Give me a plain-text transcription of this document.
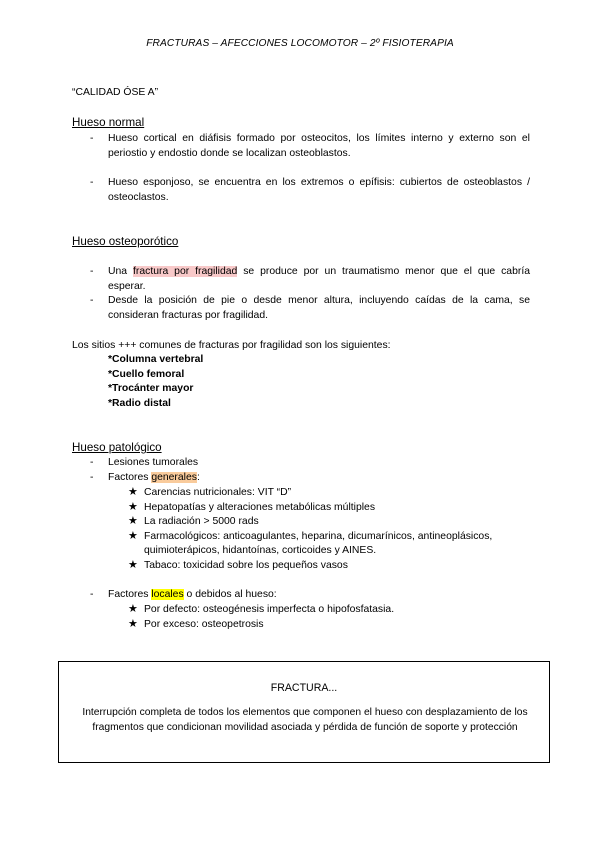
FRACTURAS – AFECCIONES LOCOMOTOR – 2º FISIOTERAPIA
“CALIDAD ÓSE A”
Hueso normal
- Hueso cortical en diáfisis formado por osteocitos, los límites interno y externo son el periostio y endostio donde se localizan osteoblastos.
- Hueso esponjoso, se encuentra en los extremos o epífisis: cubiertos de osteoblastos / osteoclastos.
Hueso osteoporótico
- Una fractura por fragilidad se produce por un traumatismo menor que el que cabría esperar.
- Desde la posición de pie o desde menor altura, incluyendo caídas de la cama, se consideran fracturas por fragilidad.
Los sitios +++ comunes de fracturas por fragilidad son los siguientes:
*Columna vertebral
*Cuello femoral
*Trocánter mayor
*Radio distal
Hueso patológico
- Lesiones tumorales
- Factores generales:
★ Carencias nutricionales: VIT “D”
★ Hepatopatías y alteraciones metabólicas múltiples
★ La radiación > 5000 rads
★ Farmacológicos: anticoagulantes, heparina, dicumarínicos, antineoplásicos, quimioterápicos, hidantoínas, corticoides y AINES.
★ Tabaco: toxicidad sobre los pequeños vasos
- Factores locales o debidos al hueso:
★ Por defecto: osteogénesis imperfecta o hipofosfatasia.
★ Por exceso: osteopetrosis
FRACTURA...
Interrupción completa de todos los elementos que componen el hueso con desplazamiento de los fragmentos que condicionan movilidad asociada y pérdida de función de soporte y protección
